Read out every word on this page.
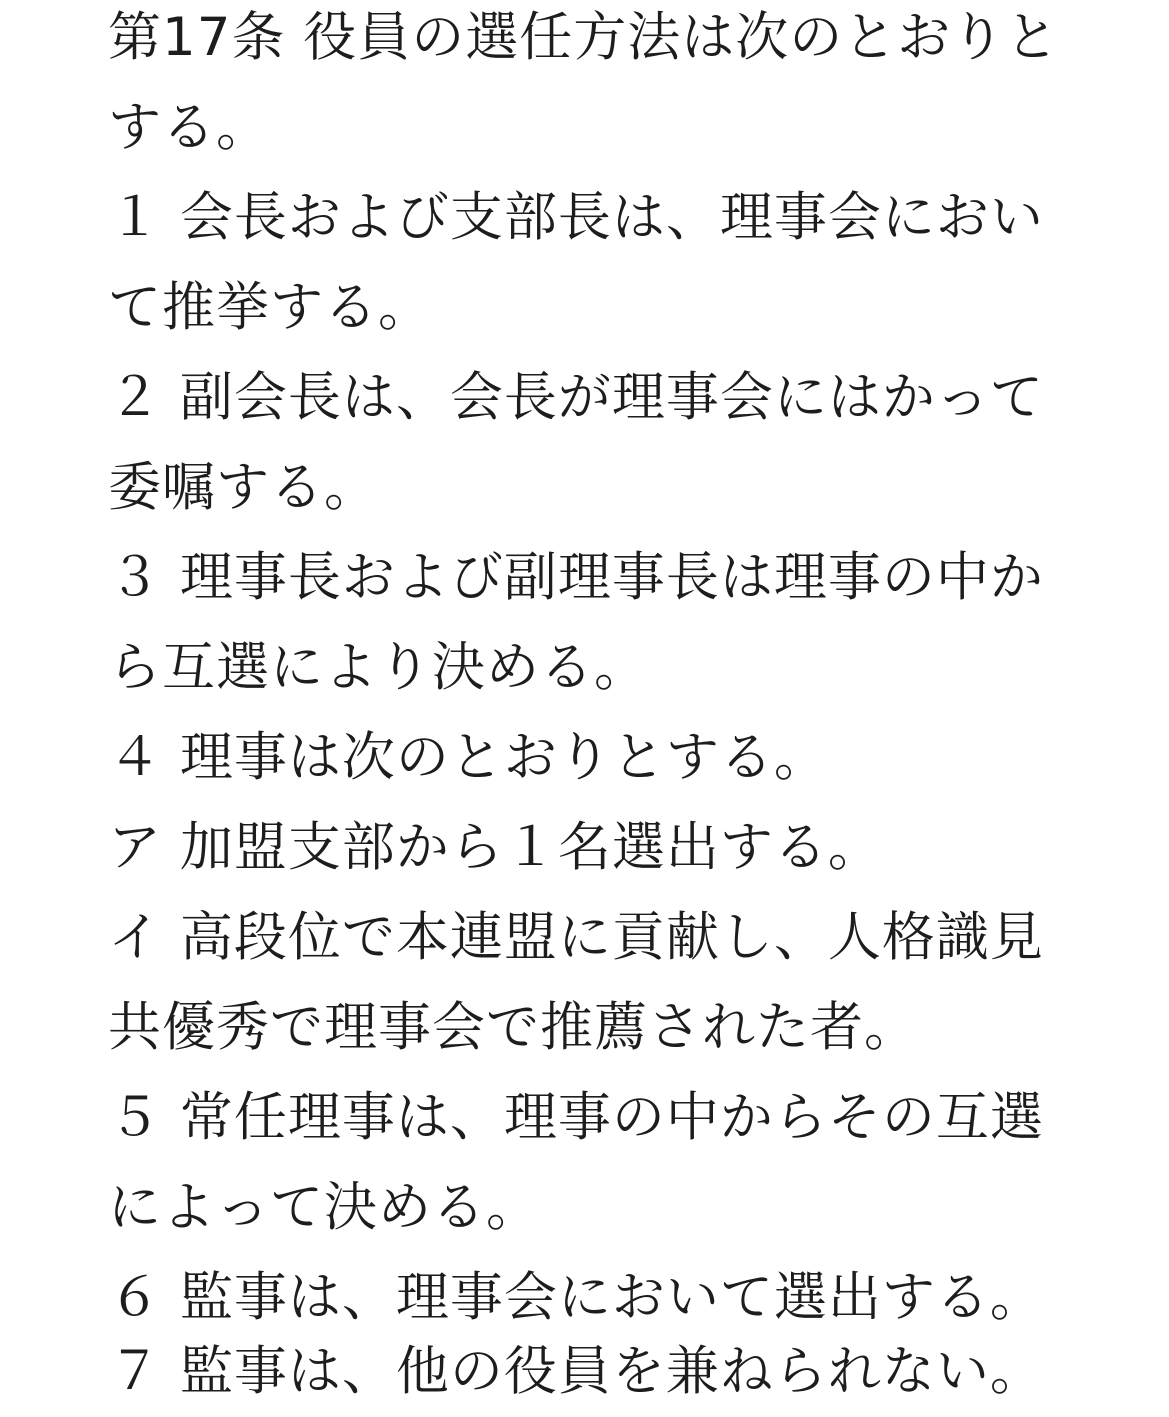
第17条 役員の選任方法は次のとおりと
する。
１ 会長および支部長は、理事会におい
て推挙する。
２ 副会長は、会長が理事会にはかって
委嘱する。
３ 理事長および副理事長は理事の中か
ら互選により決める。
４ 理事は次のとおりとする。
ア 加盟支部から１名選出する。
イ 高段位で本連盟に貢献し、人格識見
共優秀で理事会で推薦された者。
５ 常任理事は、理事の中からその互選
によって決める。
６ 監事は、理事会において選出する。
７ 監事は、他の役員を兼ねられない。
